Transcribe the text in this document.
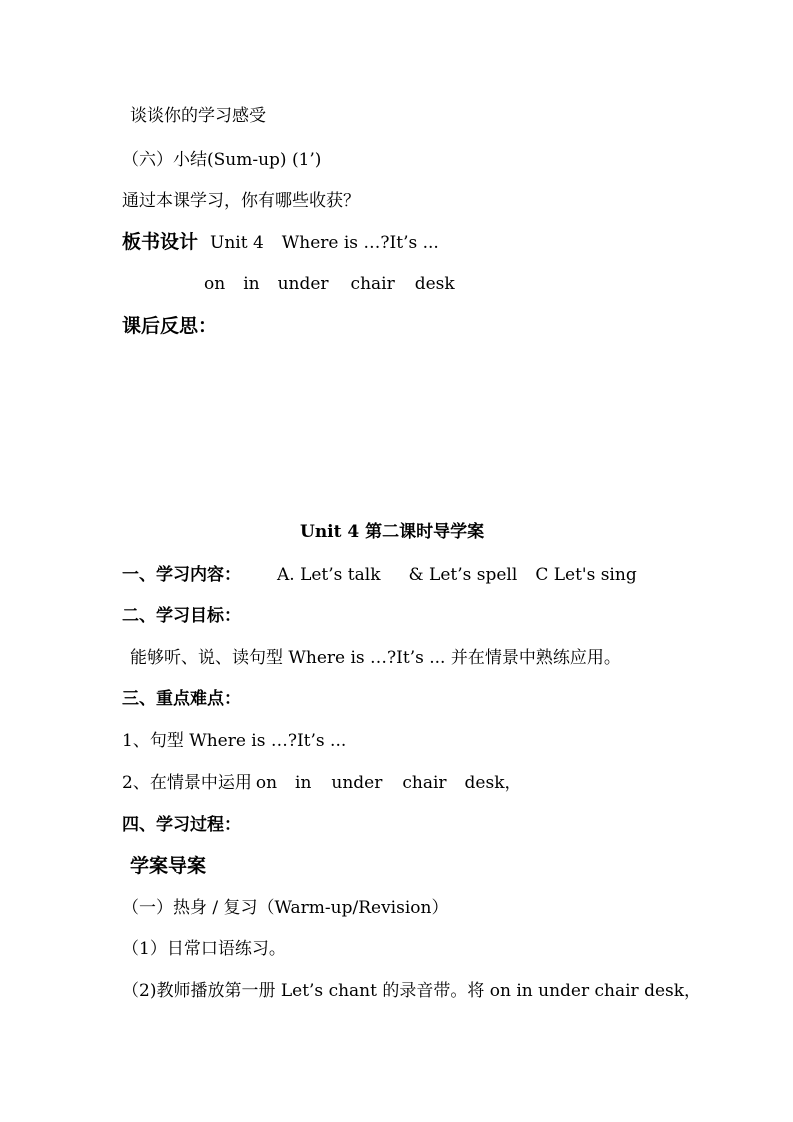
谈谈你的学习感受
（六）小结(Sum-up) (1’)
通过本课学习，你有哪些收获？
板书设计 Unit 4 Where is …?It’s ...
on in under chair desk
课后反思：
Unit 4 第二课时导学案
一、学习内容： A. Let’s talk & Let’s spell C Let's sing
二、学习目标：
能够听、说、读句型 Where is …?It’s ... 并在情景中熟练应用。
三、重点难点：
1、句型 Where is …?It’s ...
2、在情景中运用 on in under chair desk，
四、学习过程：
学案导案
（一）热身 / 复习（Warm-up/Revision）
（1）日常口语练习。
（2)教师播放第一册 Let’s chant 的录音带。将 on in under chair desk，
